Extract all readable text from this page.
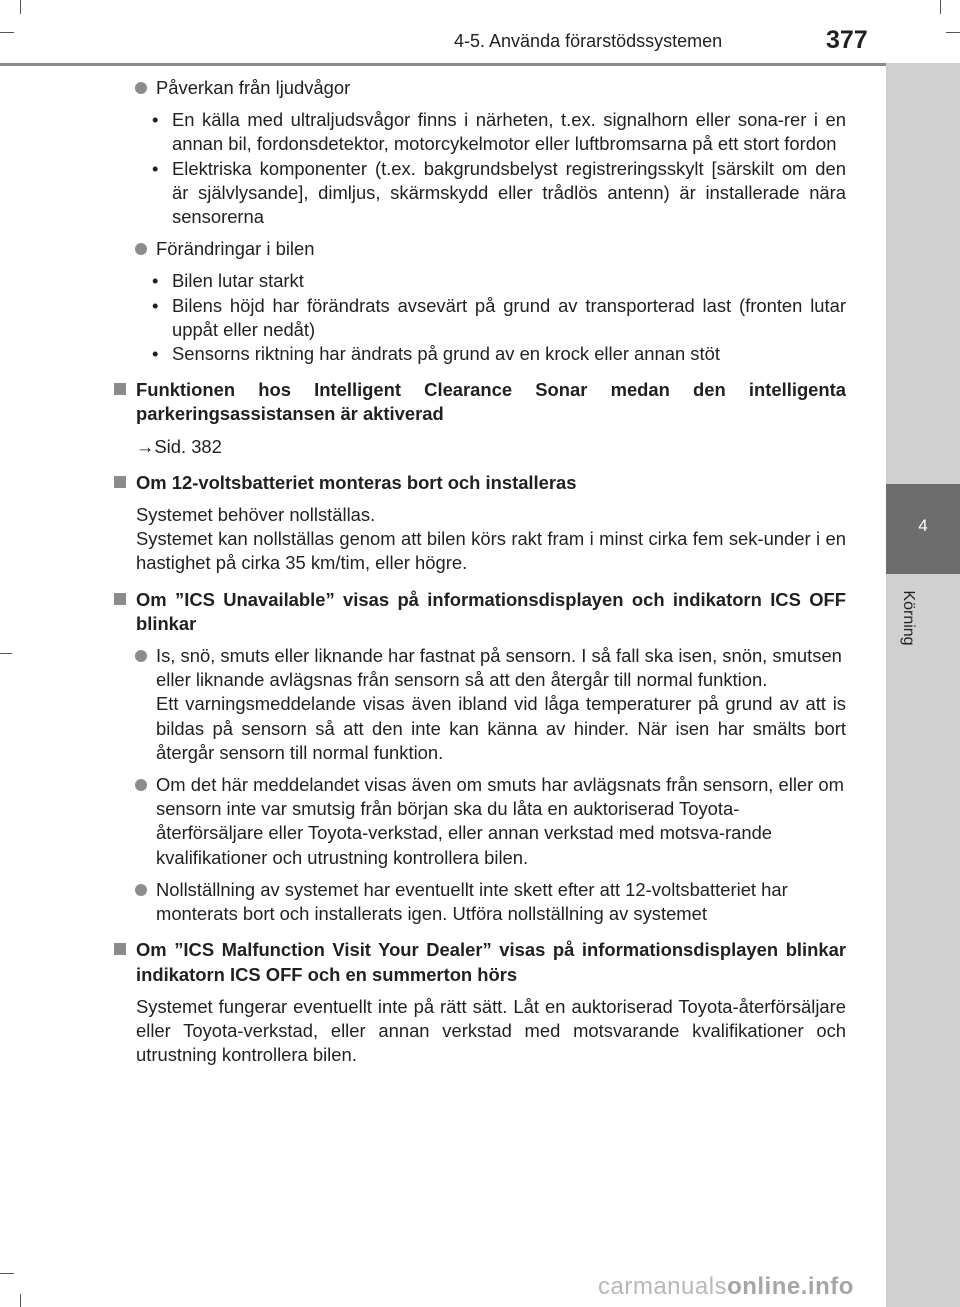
4-5. Använda förarstödssystemen	377
4
Körning
Påverkan från ljudvågor
• En källa med ultraljudsvågor finns i närheten, t.ex. signalhorn eller sona-rer i en annan bil, fordonsdetektor, motorcykelmotor eller luftbromsarna på ett stort fordon
• Elektriska komponenter (t.ex. bakgrundsbelyst registreringsskylt [särskilt om den är självlysande], dimljus, skärmskydd eller trådlös antenn) är installerade nära sensorerna
Förändringar i bilen
• Bilen lutar starkt
• Bilens höjd har förändrats avsevärt på grund av transporterad last (fronten lutar uppåt eller nedåt)
• Sensorns riktning har ändrats på grund av en krock eller annan stöt
Funktionen hos Intelligent Clearance Sonar medan den intelligenta parkeringsassistansen är aktiverad
→Sid. 382
Om 12-voltsbatteriet monteras bort och installeras
Systemet behöver nollställas.
Systemet kan nollställas genom att bilen körs rakt fram i minst cirka fem sek-under i en hastighet på cirka 35 km/tim, eller högre.
Om ”ICS Unavailable” visas på informationsdisplayen och indikatorn ICS OFF blinkar
Is, snö, smuts eller liknande har fastnat på sensorn. I så fall ska isen, snön, smutsen eller liknande avlägsnas från sensorn så att den återgår till normal funktion.
Ett varningsmeddelande visas även ibland vid låga temperaturer på grund av att is bildas på sensorn så att den inte kan känna av hinder. När isen har smälts bort återgår sensorn till normal funktion.
Om det här meddelandet visas även om smuts har avlägsnats från sensorn, eller om sensorn inte var smutsig från början ska du låta en auktoriserad Toyota-återförsäljare eller Toyota-verkstad, eller annan verkstad med motsva-rande kvalifikationer och utrustning kontrollera bilen.
Nollställning av systemet har eventuellt inte skett efter att 12-voltsbatteriet har monterats bort och installerats igen. Utföra nollställning av systemet
Om ”ICS Malfunction Visit Your Dealer” visas på informationsdisplayen blinkar indikatorn ICS OFF och en summerton hörs
Systemet fungerar eventuellt inte på rätt sätt. Låt en auktoriserad Toyota-återförsäljare eller Toyota-verkstad, eller annan verkstad med motsvarande kvalifikationer och utrustning kontrollera bilen.
carmanualsonline.info
